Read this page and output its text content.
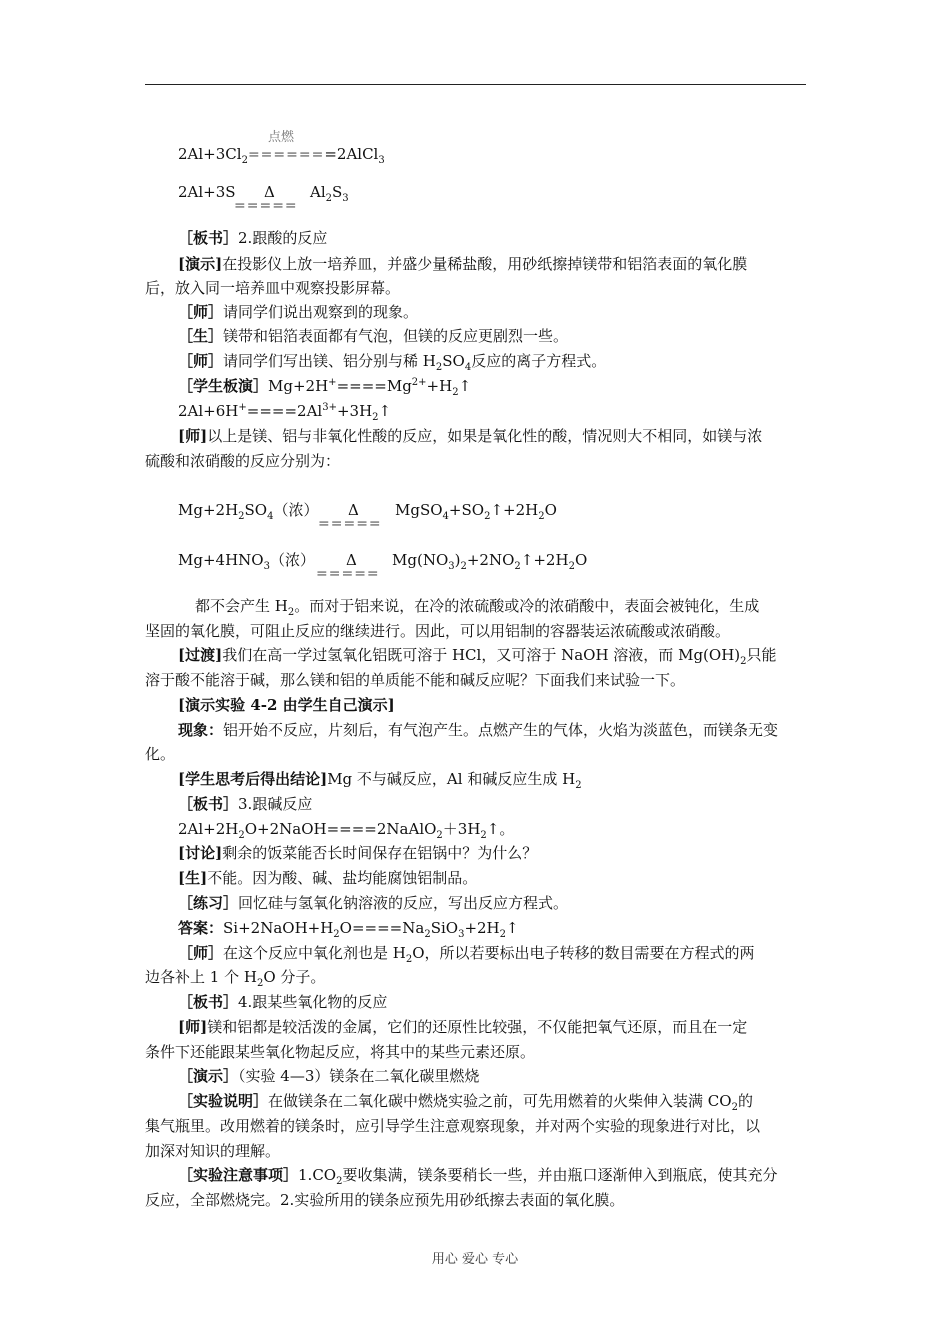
点燃
$2Al+3Cl_2=======2AlCl_3$
2Al+3S Δ $Al_2S_3$
=====
［板书］2.跟酸的反应
[演示]在投影仪上放一培养皿，并盛少量稀盐酸，用砂纸擦掉镁带和铝箔表面的氧化膜
后，放入同一培养皿中观察投影屏幕。
［师］请同学们说出观察到的现象。
［生］镁带和铝箔表面都有气泡，但镁的反应更剧烈一些。
［师］请同学们写出镁、铝分别与稀 $H_2SO_4$反应的离子方程式。
［学生板演$]Mg+2H^+====Mg^{2+}+H_2↑$
$2Al+6H^+====2Al^{3+}+3H_2↑$
[师]以上是镁、铝与非氧化性酸的反应，如果是氧化性的酸，情况则大不相同，如镁与浓
硫酸和浓硝酸的反应分别为：
$Mg+2H_2SO_4$（浓） Δ $MgSO_4+SO_2↑+2H_2O$
=====
$Mg+4HNO_3$（浓） Δ $Mg(NO_3)_2+2NO_2↑+2H_2O$
=====
都不会产生 $H_2$。而对于铝来说，在冷的浓硫酸或冷的浓硝酸中，表面会被钝化，生成
坚固的氧化膜，可阻止反应的继续进行。因此，可以用铝制的容器装运浓硫酸或浓硝酸。
[过渡]我们在高一学过氢氧化铝既可溶于 HCl，又可溶于 NaOH 溶液，而 $Mg(OH)_2$只能
溶于酸不能溶于碱，那么镁和铝的单质能不能和碱反应呢？下面我们来试验一下。
[演示实验 4-2 由学生自己演示]
现象：铝开始不反应，片刻后，有气泡产生。点燃产生的气体，火焰为淡蓝色，而镁条无变
化。
[学生思考后得出结论]Mg 不与碱反应，Al 和碱反应生成 $H_2$
［板书］3.跟碱反应
$2Al+2H_2O+2NaOH====2NaAlO_2+3H_2↑$。
[讨论]剩余的饭菜能否长时间保存在铝锅中？为什么？
[生]不能。因为酸、碱、盐均能腐蚀铝制品。
［练习］回忆硅与氢氧化钠溶液的反应，写出反应方程式。
答案：$Si+2NaOH+H_2O====Na_2SiO_3+2H_2↑$
［师］在这个反应中氧化剂也是 $H_2O$，所以若要标出电子转移的数目需要在方程式的两
边各补上 1 个 $H_2O$ 分子。
［板书］4.跟某些氧化物的反应
[师]镁和铝都是较活泼的金属，它们的还原性比较强，不仅能把氧气还原，而且在一定
条件下还能跟某些氧化物起反应，将其中的某些元素还原。
［演示］（实验 4—3）镁条在二氧化碳里燃烧
［实验说明］在做镁条在二氧化碳中燃烧实验之前，可先用燃着的火柴伸入装满 $CO_2$的
集气瓶里。改用燃着的镁条时，应引导学生注意观察现象，并对两个实验的现象进行对比，以
加深对知识的理解。
［实验注意事项$]1.CO_2$要收集满，镁条要稍长一些，并由瓶口逐渐伸入到瓶底，使其充分
反应，全部燃烧完。2.实验所用的镁条应预先用砂纸擦去表面的氧化膜。
用心 爱心 专心
